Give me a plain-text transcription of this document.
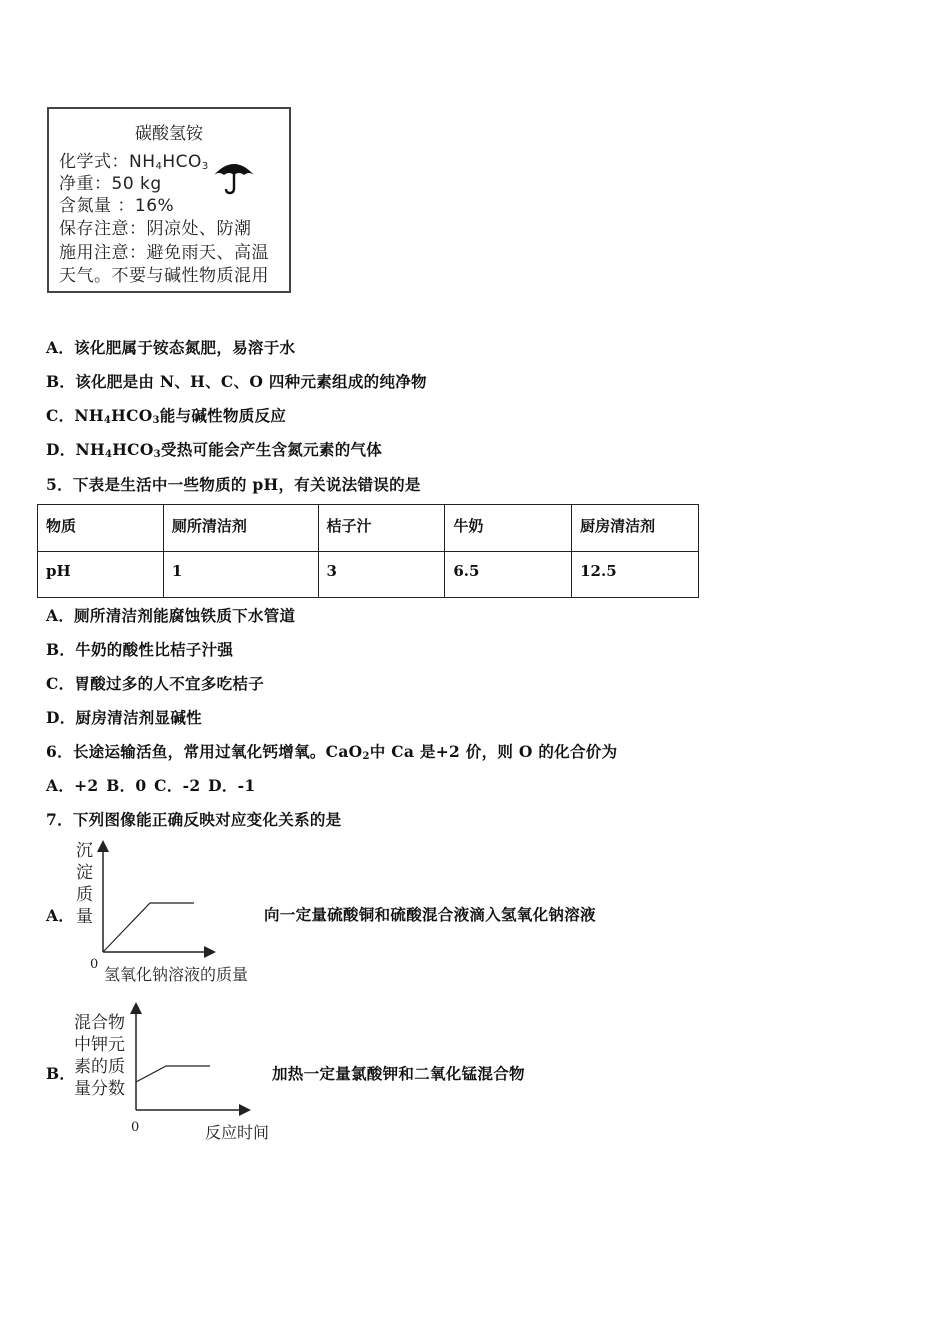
碳酸氢铵
化学式：$NH_4HCO_3$
净重：50 kg
含氮量 ：16%
保存注意：阴凉处、防潮
施用注意：避免雨天、高温
天气。不要与碱性物质混用
A．该化肥属于铵态氮肥，易溶于水
B．该化肥是由 N、H、C、O 四种元素组成的纯净物
C．$NH_4HCO_3$能与碱性物质反应
D．$NH_4HCO_3$受热可能会产生含氮元素的气体
5．下表是生活中一些物质的 pH，有关说法错误的是
物质	厕所清洁剂	桔子汁	牛奶	厨房清洁剂
pH	1	3	6.5	12.5
A．厕所清洁剂能腐蚀铁质下水管道
B．牛奶的酸性比桔子汁强
C．胃酸过多的人不宜多吃桔子
D．厨房清洁剂显碱性
6．长途运输活鱼，常用过氧化钙增氧。CaO$_2$中 Ca 是+2 价，则 O 的化合价为
A．+2 B．0 C．-2 D．-1
7．下列图像能正确反映对应变化关系的是
沉
淀
质
量
A．
0
氢氧化钠溶液的质量
向一定量硫酸铜和硫酸混合液滴入氢氧化钠溶液
混合物
中钾元
素的质
量分数
B．
0	反应时间
加热一定量氯酸钾和二氧化锰混合物
